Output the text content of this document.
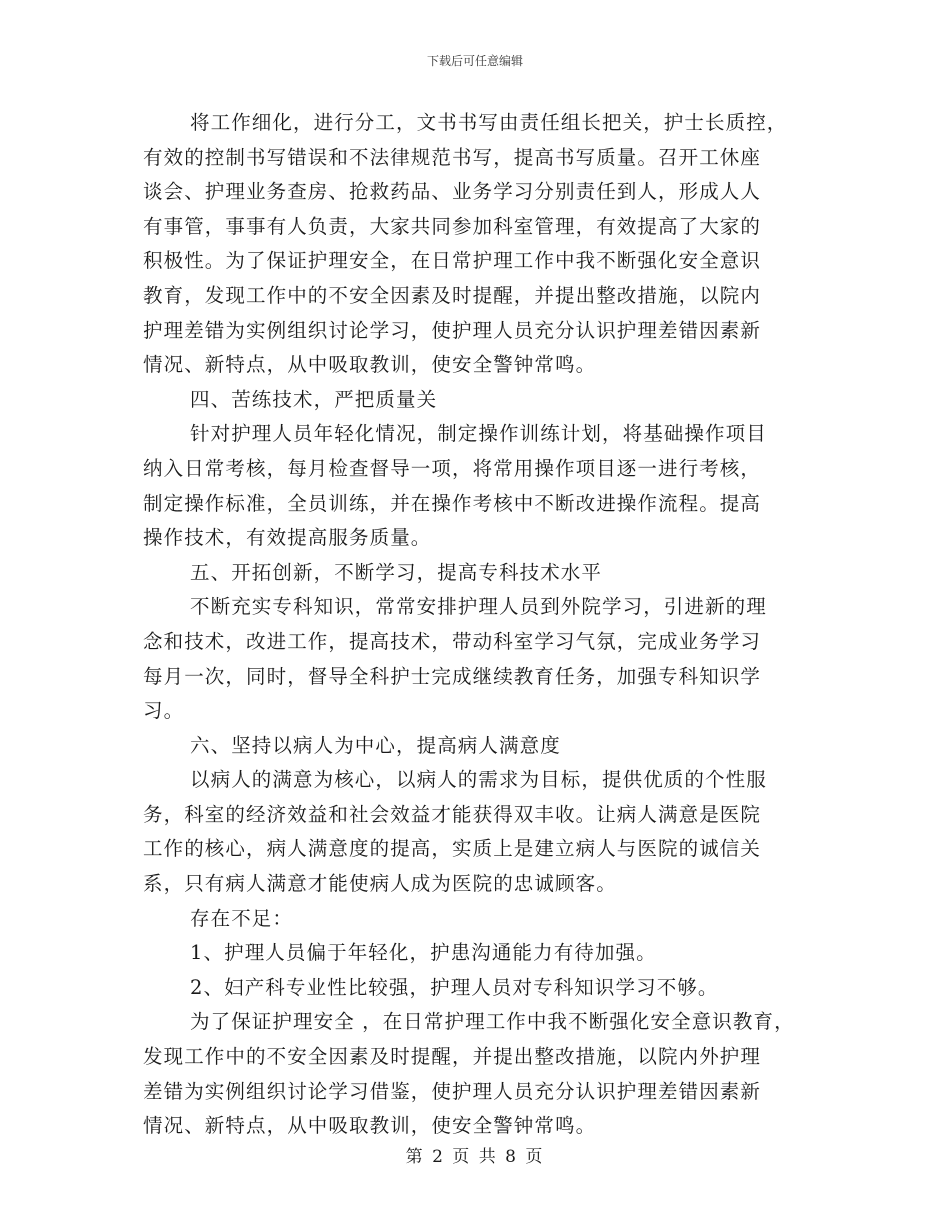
下载后可任意编辑
将工作细化，进行分工，文书书写由责任组长把关，护士长质控，
有效的控制书写错误和不法律规范书写，提高书写质量。召开工休座
谈会、护理业务查房、抢救药品、业务学习分别责任到人，形成人人
有事管，事事有人负责，大家共同参加科室管理，有效提高了大家的
积极性。为了保证护理安全，在日常护理工作中我不断强化安全意识
教育，发现工作中的不安全因素及时提醒，并提出整改措施，以院内
护理差错为实例组织讨论学习，使护理人员充分认识护理差错因素新
情况、新特点，从中吸取教训，使安全警钟常鸣。
四、苦练技术，严把质量关
针对护理人员年轻化情况，制定操作训练计划，将基础操作项目
纳入日常考核，每月检查督导一项，将常用操作项目逐一进行考核，
制定操作标准，全员训练，并在操作考核中不断改进操作流程。提高
操作技术，有效提高服务质量。
五、开拓创新，不断学习，提高专科技术水平
不断充实专科知识，常常安排护理人员到外院学习，引进新的理
念和技术，改进工作，提高技术，带动科室学习气氛，完成业务学习
每月一次，同时，督导全科护士完成继续教育任务，加强专科知识学
习。
六、坚持以病人为中心，提高病人满意度
以病人的满意为核心，以病人的需求为目标，提供优质的个性服
务，科室的经济效益和社会效益才能获得双丰收。让病人满意是医院
工作的核心，病人满意度的提高，实质上是建立病人与医院的诚信关
系，只有病人满意才能使病人成为医院的忠诚顾客。
存在不足：
1、护理人员偏于年轻化，护患沟通能力有待加强。
2、妇产科专业性比较强，护理人员对专科知识学习不够。
为了保证护理安全 ，在日常护理工作中我不断强化安全意识教育，
发现工作中的不安全因素及时提醒，并提出整改措施，以院内外护理
差错为实例组织讨论学习借鉴，使护理人员充分认识护理差错因素新
情况、新特点，从中吸取教训，使安全警钟常鸣。
第 2 页 共 8 页
